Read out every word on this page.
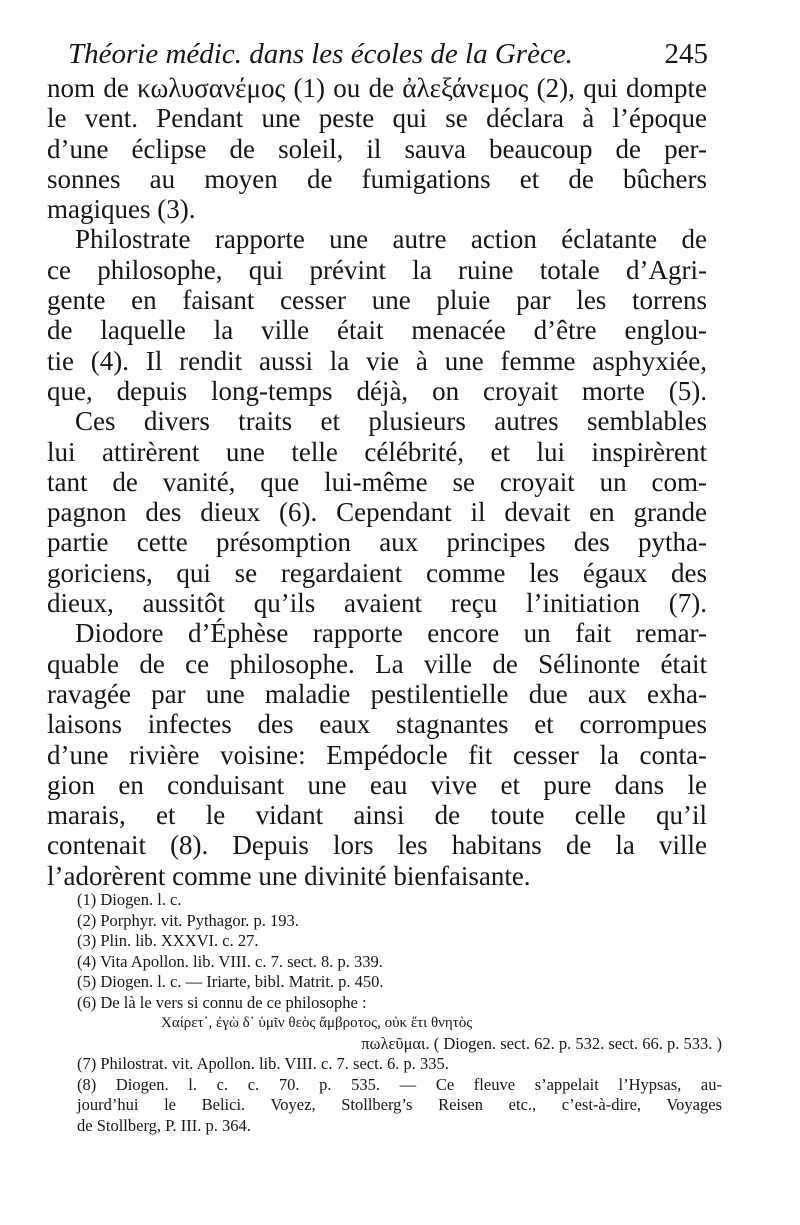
Théorie médic. dans les écoles de la Grèce.	245
nom de κωλυσανέμος (1) ou de ἀλεξάνεμος (2), qui dompte
le vent. Pendant une peste qui se déclara à l’époque
d’une éclipse de soleil, il sauva beaucoup de per-
sonnes au moyen de fumigations et de bûchers
magiques (3).
Philostrate rapporte une autre action éclatante de
ce philosophe, qui prévint la ruine totale d’Agri-
gente en faisant cesser une pluie par les torrens
de laquelle la ville était menacée d’être englou-
tie (4). Il rendit aussi la vie à une femme asphyxiée,
que, depuis long-temps déjà, on croyait morte (5).
Ces divers traits et plusieurs autres semblables
lui attirèrent une telle célébrité, et lui inspirèrent
tant de vanité, que lui-même se croyait un com-
pagnon des dieux (6). Cependant il devait en grande
partie cette présomption aux principes des pytha-
goriciens, qui se regardaient comme les égaux des
dieux, aussitôt qu’ils avaient reçu l’initiation (7).
Diodore d’Éphèse rapporte encore un fait remar-
quable de ce philosophe. La ville de Sélinonte était
ravagée par une maladie pestilentielle due aux exha-
laisons infectes des eaux stagnantes et corrompues
d’une rivière voisine: Empédocle fit cesser la conta-
gion en conduisant une eau vive et pure dans le
marais, et le vidant ainsi de toute celle qu’il
contenait (8). Depuis lors les habitans de la ville
l’adorèrent comme une divinité bienfaisante.
(1) Diogen. l. c.
(2) Porphyr. vit. Pythagor. p. 193.
(3) Plin. lib. XXXVI. c. 27.
(4) Vita Apollon. lib. VIII. c. 7. sect. 8. p. 339.
(5) Diogen. l. c. — Iriarte, bibl. Matrit. p. 450.
(6) De là le vers si connu de ce philosophe :
Χαίρετ᾽, ἐγὼ δ᾽ ὑμῖν θεὸς ἄμβροτος, οὐκ ἔτι θνητὸς
πωλεῦμαι. ( Diogen. sect. 62. p. 532. sect. 66. p. 533. )
(7) Philostrat. vit. Apollon. lib. VIII. c. 7. sect. 6. p. 335.
(8) Diogen. l. c. c. 70. p. 535. — Ce fleuve s’appelait l’Hypsas, au-
jourd’hui le Belici. Voyez, Stollberg’s Reisen etc., c’est-à-dire, Voyages
de Stollberg, P. III. p. 364.
